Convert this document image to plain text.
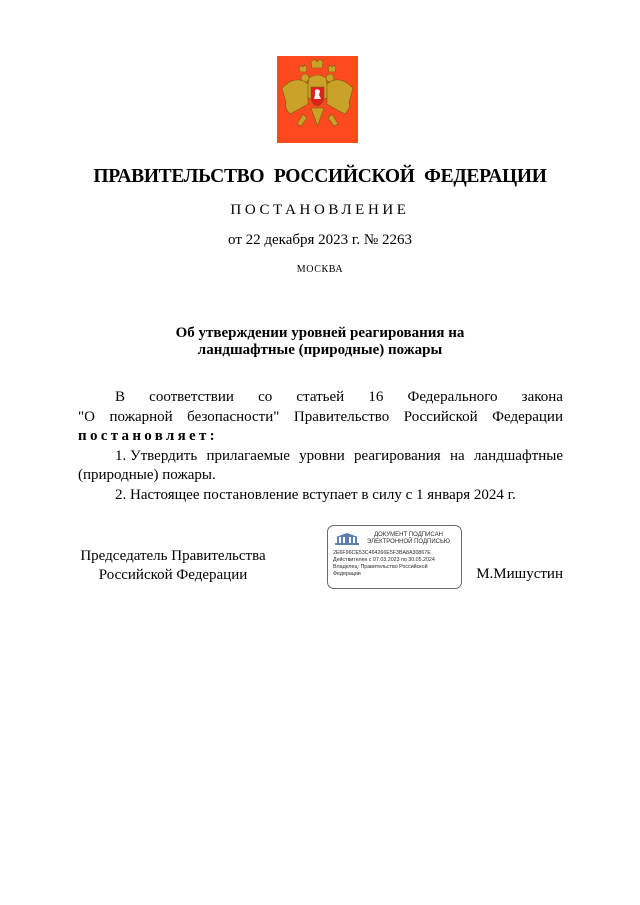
ПРАВИТЕЛЬСТВО РОССИЙСКОЙ ФЕДЕРАЦИИ
ПОСТАНОВЛЕНИЕ
от 22 декабря 2023 г. № 2263
МОСКВА
Об утверждении уровней реагирования на
ландшафтные (природные) пожары
В соответствии со статьей 16 Федерального закона
"О пожарной безопасности" Правительство Российской Федерации
постановляет:
1. Утвердить прилагаемые уровни реагирования на ландшафтные
(природные) пожары.
2. Настоящее постановление вступает в силу с 1 января 2024 г.
Председатель Правительства
Российской Федерации
ДОКУМЕНТ ПОДПИСАН
ЭЛЕКТРОННОЙ ПОДПИСЬЮ
2E6F96CE53C464266E5F3BA8A30867E
Действителен с 07.03.2023 по 30.05.2024
Владелец: Правительство Российской
Федерации	М.Мишустин
